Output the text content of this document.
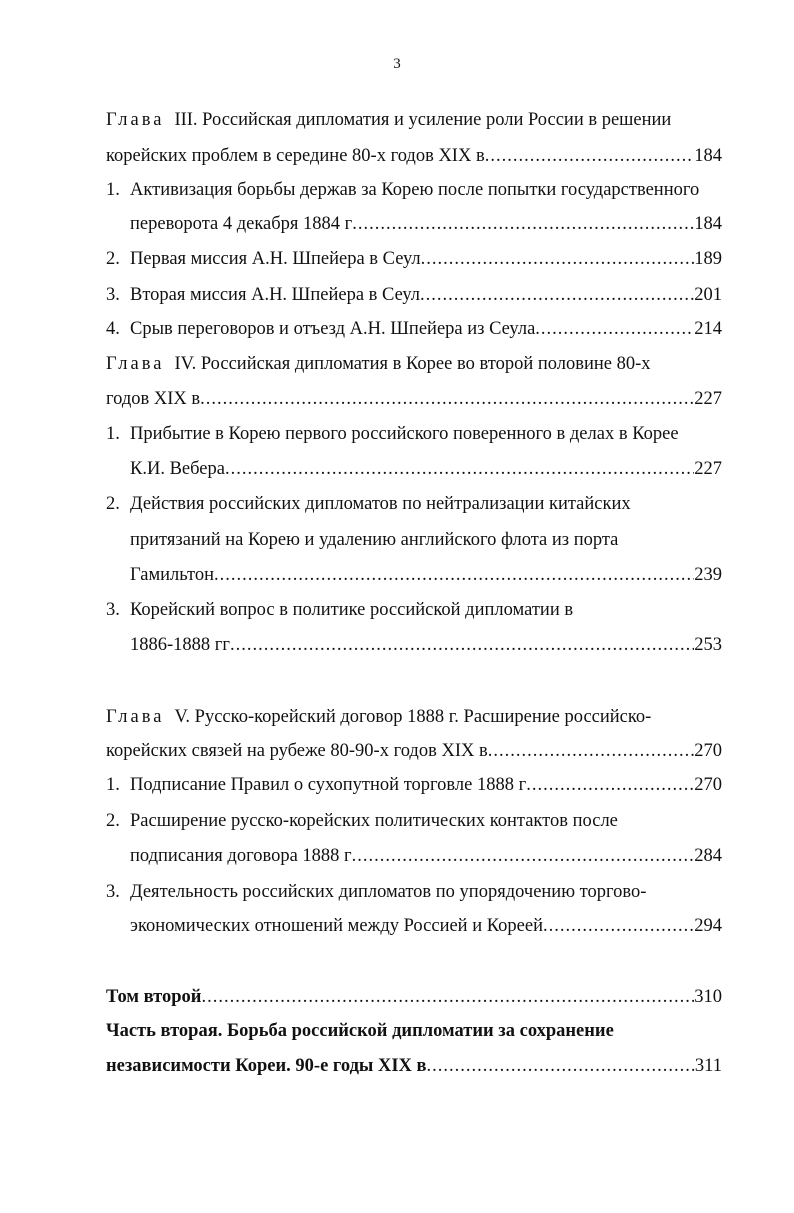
3
Глава III. Российская дипломатия и усиление роли России в решении
корейских проблем в середине 80-х годов XIX в .....	184
1. Активизация борьбы держав за Корею после попытки государственного
переворота 4 декабря 1884 г .....	184
2. Первая миссия А.Н. Шпейера в Сеул .....	189
3. Вторая миссия А.Н. Шпейера в Сеул .....	201
4. Срыв переговоров и отъезд А.Н. Шпейера из Сеула .....	214
Глава IV. Российская дипломатия в Корее во второй половине 80-х
годов XIX в .....	227
1. Прибытие в Корею первого российского поверенного в делах в Корее
К.И. Вебера .....	227
2. Действия российских дипломатов по нейтрализации китайских
притязаний на Корею и удалению английского флота из порта
Гамильтон .....	239
3. Корейский вопрос в политике российской дипломатии в
1886-1888 гг .....	253
Глава V. Русско-корейский договор 1888 г. Расширение российско-
корейских связей на рубеже 80-90-х годов XIX в .....	270
1. Подписание Правил о сухопутной торговле 1888 г .....	270
2. Расширение русско-корейских политических контактов после
подписания договора 1888 г .....	284
3. Деятельность российских дипломатов по упорядочению торгово-
экономических отношений между Россией и Кореей .....	294
Том второй .....	310
Часть вторая. Борьба российской дипломатии за сохранение
независимости Кореи. 90-е годы XIX в .....	311
